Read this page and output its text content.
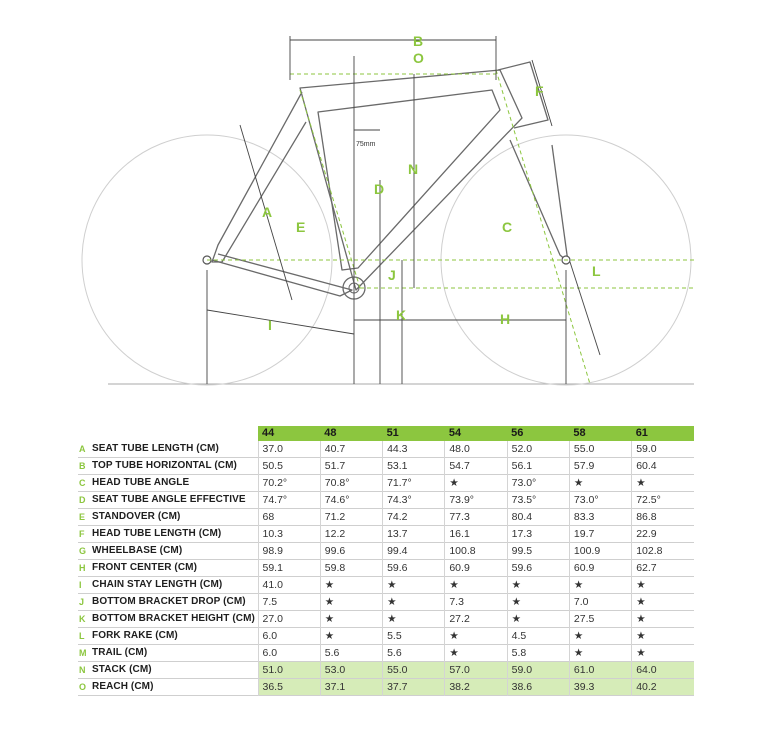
B
O
F
75mm
N
D
A
E	C
L
J
K	H
I
		44	48	51	54	56	58	61
A	SEAT TUBE LENGTH (CM)	37.0	40.7	44.3	48.0	52.0	55.0	59.0
B	TOP TUBE HORIZONTAL (CM)	50.5	51.7	53.1	54.7	56.1	57.9	60.4
C	HEAD TUBE ANGLE	70.2°	70.8°	71.7°	★	73.0°	★	★
D	SEAT TUBE ANGLE EFFECTIVE	74.7°	74.6°	74.3°	73.9°	73.5°	73.0°	72.5°
E	STANDOVER (CM)	68	71.2	74.2	77.3	80.4	83.3	86.8
F	HEAD TUBE LENGTH (CM)	10.3	12.2	13.7	16.1	17.3	19.7	22.9
G	WHEELBASE (CM)	98.9	99.6	99.4	100.8	99.5	100.9	102.8
H	FRONT CENTER (CM)	59.1	59.8	59.6	60.9	59.6	60.9	62.7
I	CHAIN STAY LENGTH (CM)	41.0	★	★	★	★	★	★
J	BOTTOM BRACKET DROP (CM)	7.5	★	★	7.3	★	7.0	★
K	BOTTOM BRACKET HEIGHT (CM)	27.0	★	★	27.2	★	27.5	★
L	FORK RAKE (CM)	6.0	★	5.5	★	4.5	★	★
M	TRAIL (CM)	6.0	5.6	5.6	★	5.8	★	★
N	STACK (CM)	51.0	53.0	55.0	57.0	59.0	61.0	64.0
O	REACH (CM)	36.5	37.1	37.7	38.2	38.6	39.3	40.2
